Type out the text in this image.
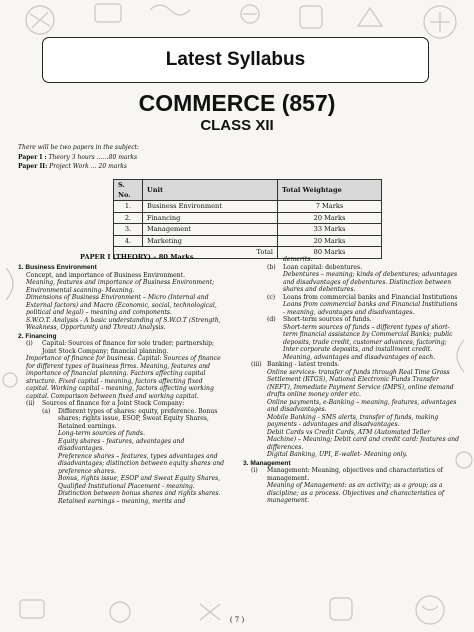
Latest Syllabus
COMMERCE (857)
CLASS XII
There will be two papers in the subject:
Paper I : Theory 3 hours ……80 marks
Paper II: Project Work … 20 marks
S. No.	Unit	Total Weightage
1.	Business Environment	7 Marks
2.	Financing	20 Marks
3.	Management	33 Marks
4.	Marketing	20 Marks
Total		80 Marks
PAPER I (THEORY) – 80 Marks
1. Business Environment
Concept, and importance of Business Environment.
Meaning, features and importance of Business Environment; Environmental scanning- Meaning.
Dimensions of Business Environment – Micro (Internal and External factors) and Macro (Economic, social, technological, political and legal) – meaning and components.
S.W.O.T. Analysis - A basic understanding of S.W.O.T (Strength, Weakness, Opportunity and Threat) Analysis.
2. Financing
(i)	Capital: Sources of finance for sole trader; partnership; Joint Stock Company; financial planning.
Importance of finance for business. Capital: Sources of finance for different types of business firms. Meaning, features and importance of financial planning. Factors affecting capital structure. Fixed capital - meaning, factors affecting fixed capital. Working capital - meaning, factors affecting working capital. Comparison between fixed and working capital.
(ii)	Sources of finance for a Joint Stock Company:
(a)	Different types of shares: equity, preference. Bonus shares; rights issue, ESOP, Sweat Equity Shares, Retained earnings.
Long-term sources of funds.
Equity shares - features, advantages and disadvantages.
Preference shares – features, types advantages and disadvantages; distinction between equity shares and preference shares.
Bonus, rights issue, ESOP and Sweat Equity Shares, Qualified Institutional Placement - meaning. Distinction between bonus shares and rights shares.
Retained earnings – meaning, merits and
demerits.
(b)	Loan capital: debentures.
Debentures – meaning; kinds of debentures; advantages and disadvantages of debentures. Distinction between shares and debentures.
(c)	Loans from commercial banks and Financial Institutions
Loans from commercial banks and Financial Institutions - meaning, advantages and disadvantages.
(d)	Short-term sources of funds.
Short-term sources of funds – different types of short-term financial assistance by Commercial Banks; public deposits, trade credit, customer advances, factoring; Inter corporate deposits, and installment credit. Meaning, advantages and disadvantages of each.
(iii) Banking - latest trends.
Online services- transfer of funds through Real Time Gross Settlement (RTGS), National Electronic Funds Transfer (NEFT), Immediate Payment Service (IMPS), online demand drafts online money order etc.
Online payments, e-Banking – meaning, features, advantages and disadvantages.
Mobile Banking - SMS alerts, transfer of funds, making payments - advantages and disadvantages.
Debit Cards vs Credit Cards, ATM (Automated Teller Machine) – Meaning; Debit card and credit card: features and differences.
Digital Banking, UPI, E-wallet- Meaning only.
3. Management
(i)	Management: Meaning, objectives and characteristics of management.
Meaning of Management: as an activity; as a group; as a discipline; as a process. Objectives and characteristics of management.
( 7 )
